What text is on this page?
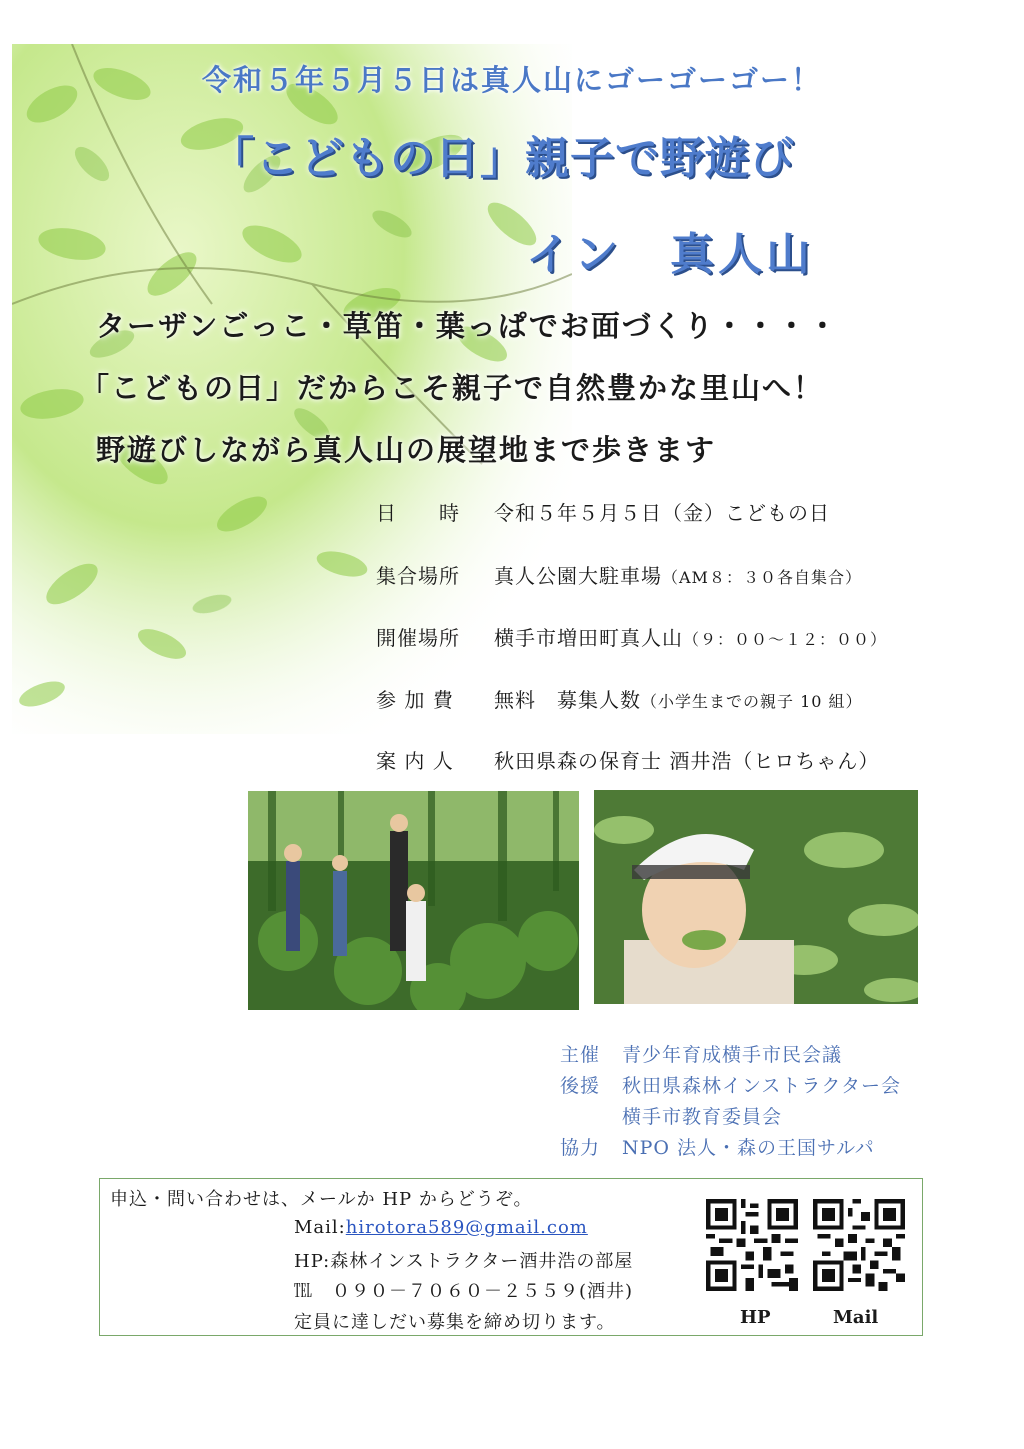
令和５年５月５日は真人山にゴーゴーゴー！
「こどもの日」親子で野遊び
イン　真人山
ターザンごっこ・草笛・葉っぱでお面づくり・・・・
「こどもの日」だからこそ親子で自然豊かな里山へ！
野遊びしながら真人山の展望地まで歩きます
日　　時 令和５年５月５日（金）こどもの日
集合場所 真人公園大駐車場（AM８：３０各自集合）
開催場所 横手市増田町真人山（９：００～１２：００）
参 加 費 無料　募集人数（小学生までの親子 10 組）
案 内 人 秋田県森の保育士 酒井浩（ヒロちゃん）
主催 青少年育成横手市民会議
後援 秋田県森林インストラクター会
横手市教育委員会
協力 NPO 法人・森の王国サルパ
申込・問い合わせは、メールか HP からどうぞ。
Mail:hirotora589@gmail.com
HP:森林インストラクター酒井浩の部屋
℡　０９０－７０６０－２５５９(酒井)
定員に達しだい募集を締め切ります。	HP	Mail
